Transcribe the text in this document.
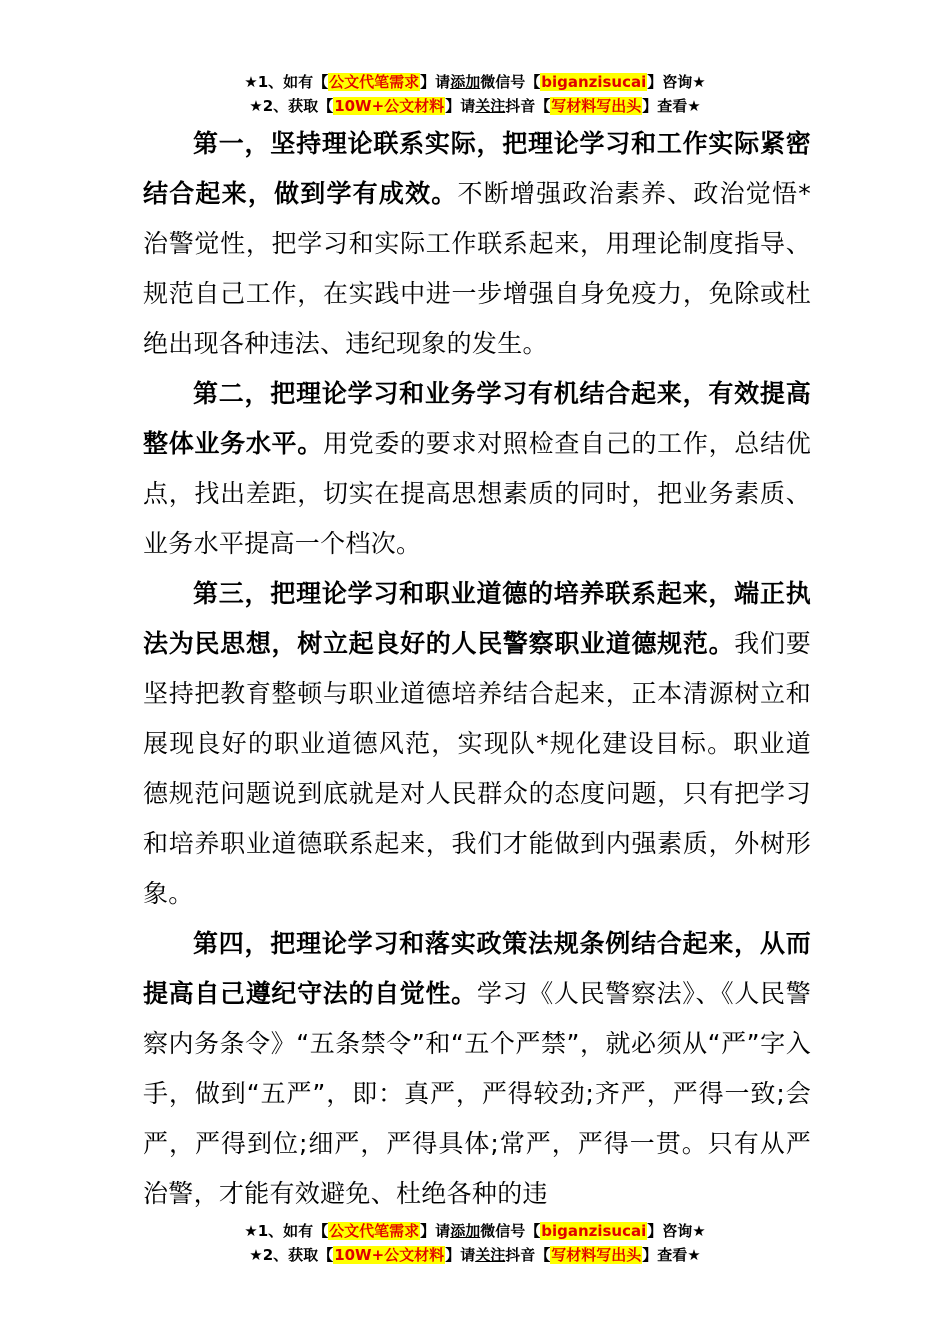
★1、如有【公文代笔需求】请添加微信号【biganzisucai】咨询★
★2、获取【10W+公文材料】请关注抖音【写材料写出头】查看★

第一，坚持理论联系实际，把理论学习和工作实际紧密结合起来，做到学有成效。不断增强政治素养、政治觉悟*治警觉性，把学习和实际工作联系起来，用理论制度指导、规范自己工作，在实践中进一步增强自身免疫力，免除或杜绝出现各种违法、违纪现象的发生。

第二，把理论学习和业务学习有机结合起来，有效提高整体业务水平。用党委的要求对照检查自己的工作，总结优点，找出差距，切实在提高思想素质的同时，把业务素质、业务水平提高一个档次。

第三，把理论学习和职业道德的培养联系起来，端正执法为民思想，树立起良好的人民警察职业道德规范。我们要坚持把教育整顿与职业道德培养结合起来，正本清源树立和展现良好的职业道德风范，实现队*规化建设目标。职业道德规范问题说到底就是对人民群众的态度问题，只有把学习和培养职业道德联系起来，我们才能做到内强素质，外树形象。

第四，把理论学习和落实政策法规条例结合起来，从而提高自己遵纪守法的自觉性。学习《人民警察法》、《人民警察内务条令》“五条禁令”和“五个严禁”，就必须从“严”字入手，做到“五严”，即：真严，严得较劲;齐严，严得一致;会严，严得到位;细严，严得具体;常严，严得一贯。只有从严治警，才能有效避免、杜绝各种的违

★1、如有【公文代笔需求】请添加微信号【biganzisucai】咨询★
★2、获取【10W+公文材料】请关注抖音【写材料写出头】查看★
